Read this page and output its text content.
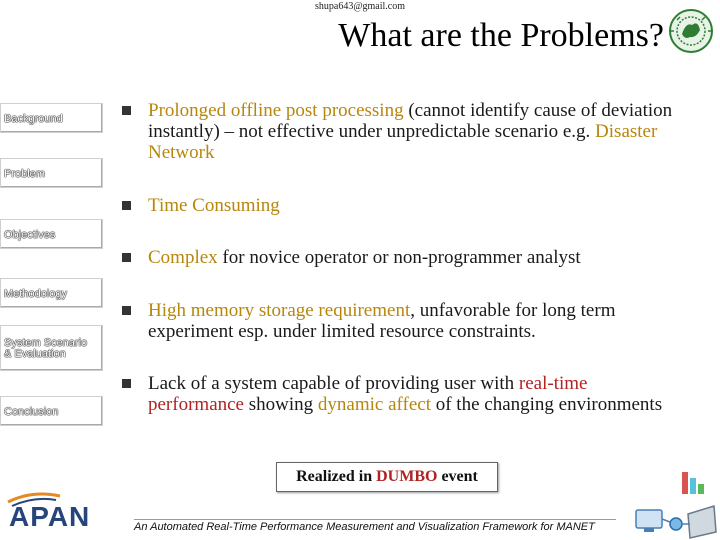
shupa643@gmail.com
What are the Problems?
Background
Problem
Objectives
Methodology
System Scenario
& Evaluation
Conclusion
Prolonged offline post processing (cannot identify cause of deviation instantly) – not effective under unpredictable scenario e.g. Disaster Network
Time Consuming
Complex for novice operator or non-programmer analyst
High memory storage requirement, unfavorable for long term experiment esp. under limited resource constraints.
Lack of a system capable of providing user with real-time performance showing dynamic affect of the changing environments
Realized in DUMBO event
APAN	An Automated Real-Time Performance Measurement and Visualization Framework for MANET
